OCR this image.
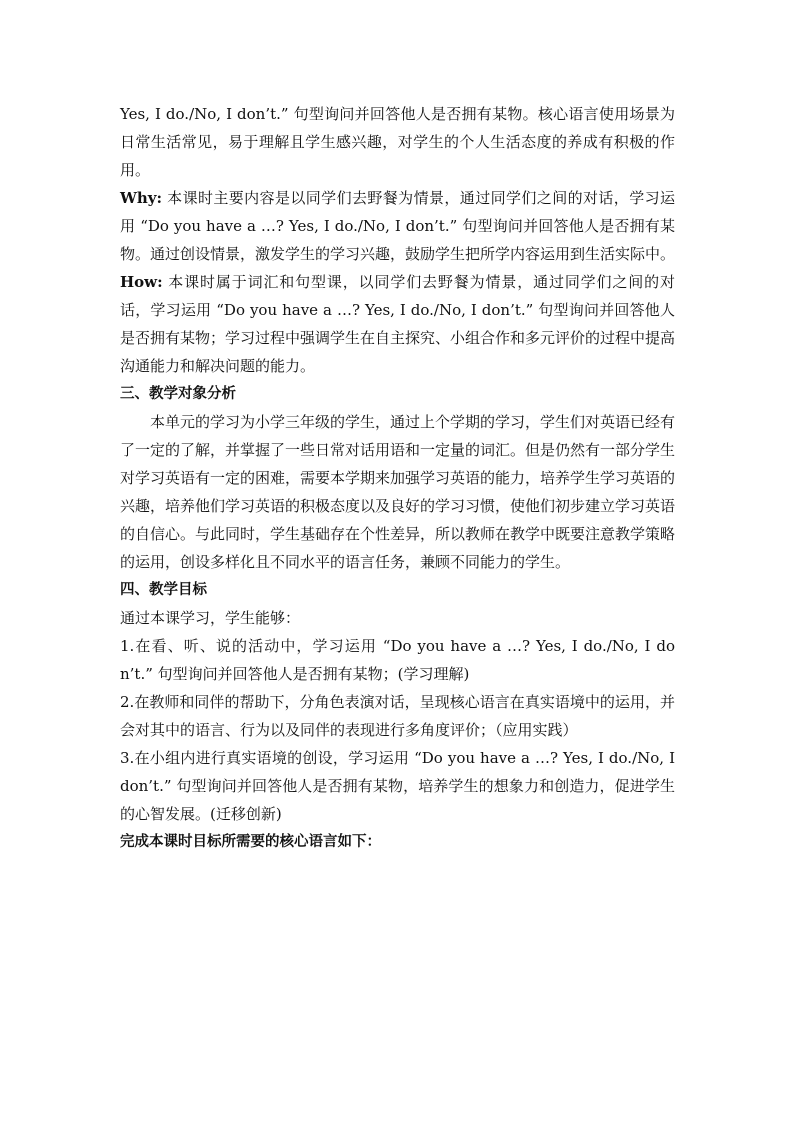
Yes, I do./No, I don’t.” 句型询问并回答他人是否拥有某物。核心语言使用场景为日常生活常见，易于理解且学生感兴趣，对学生的个人生活态度的养成有积极的作用。

Why: 本课时主要内容是以同学们去野餐为情景，通过同学们之间的对话，学习运用 “Do you have a …? Yes, I do./No, I don’t.” 句型询问并回答他人是否拥有某物。通过创设情景，激发学生的学习兴趣，鼓励学生把所学内容运用到生活实际中。

How: 本课时属于词汇和句型课，以同学们去野餐为情景，通过同学们之间的对话，学习运用 “Do you have a …? Yes, I do./No, I don’t.” 句型询问并回答他人是否拥有某物；学习过程中强调学生在自主探究、小组合作和多元评价的过程中提高沟通能力和解决问题的能力。

三、教学对象分析

本单元的学习为小学三年级的学生，通过上个学期的学习，学生们对英语已经有了一定的了解，并掌握了一些日常对话用语和一定量的词汇。但是仍然有一部分学生对学习英语有一定的困难，需要本学期来加强学习英语的能力，培养学生学习英语的兴趣，培养他们学习英语的积极态度以及良好的学习习惯，使他们初步建立学习英语的自信心。与此同时，学生基础存在个性差异，所以教师在教学中既要注意教学策略的运用，创设多样化且不同水平的语言任务，兼顾不同能力的学生。

四、教学目标

通过本课学习，学生能够：

1.在看、听、说的活动中，学习运用 “Do you have a …? Yes, I do./No, I don’t.” 句型询问并回答他人是否拥有某物；(学习理解)

2.在教师和同伴的帮助下，分角色表演对话，呈现核心语言在真实语境中的运用，并会对其中的语言、行为以及同伴的表现进行多角度评价；（应用实践）

3.在小组内进行真实语境的创设，学习运用 “Do you have a …? Yes, I do./No, I don’t.” 句型询问并回答他人是否拥有某物，培养学生的想象力和创造力，促进学生的心智发展。(迁移创新)

完成本课时目标所需要的核心语言如下：
